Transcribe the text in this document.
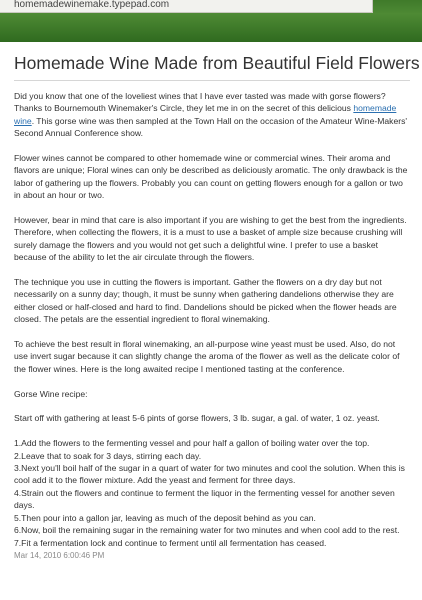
homemadewinemake.typepad.com
Homemade Wine Made from Beautiful Field Flowers

Did you know that one of the loveliest wines that I have ever tasted was made with gorse flowers? Thanks to Bournemouth Winemaker's Circle, they let me in on the secret of this delicious homemade wine. This gorse wine was then sampled at the Town Hall on the occasion of the Amateur Wine-Makers' Second Annual Conference show.

Flower wines cannot be compared to other homemade wine or commercial wines. Their aroma and flavors are unique; Floral wines can only be described as deliciously aromatic. The only drawback is the labor of gathering up the flowers. Probably you can count on getting flowers enough for a gallon or two in about an hour or two.

However, bear in mind that care is also important if you are wishing to get the best from the ingredients. Therefore, when collecting the flowers, it is a must to use a basket of ample size because crushing will surely damage the flowers and you would not get such a delightful wine. I prefer to use a basket because of the ability to let the air circulate through the flowers.

The technique you use in cutting the flowers is important. Gather the flowers on a dry day but not necessarily on a sunny day; though, it must be sunny when gathering dandelions otherwise they are either closed or half-closed and hard to find. Dandelions should be picked when the flower heads are closed. The petals are the essential ingredient to floral winemaking.

To achieve the best result in floral winemaking, an all-purpose wine yeast must be used. Also, do not use invert sugar because it can slightly change the aroma of the flower as well as the delicate color of the flower wines. Here is the long awaited recipe I mentioned tasting at the conference.

Gorse Wine recipe:

Start off with gathering at least 5-6 pints of gorse flowers, 3 lb. sugar, a gal. of water, 1 oz. yeast.

1.Add the flowers to the fermenting vessel and pour half a gallon of boiling water over the top.

2.Leave that to soak for 3 days, stirring each day.

3.Next you'll boil half of the sugar in a quart of water for two minutes and cool the solution. When this is cool add it to the flower mixture. Add the yeast and ferment for three days.

4.Strain out the flowers and continue to ferment the liquor in the fermenting vessel for another seven days.

5.Then pour into a gallon jar, leaving as much of the deposit behind as you can.

6.Now, boil the remaining sugar in the remaining water for two minutes and when cool add to the rest.

7.Fit a fermentation lock and continue to ferment until all fermentation has ceased.

Mar 14, 2010 6:00:46 PM
